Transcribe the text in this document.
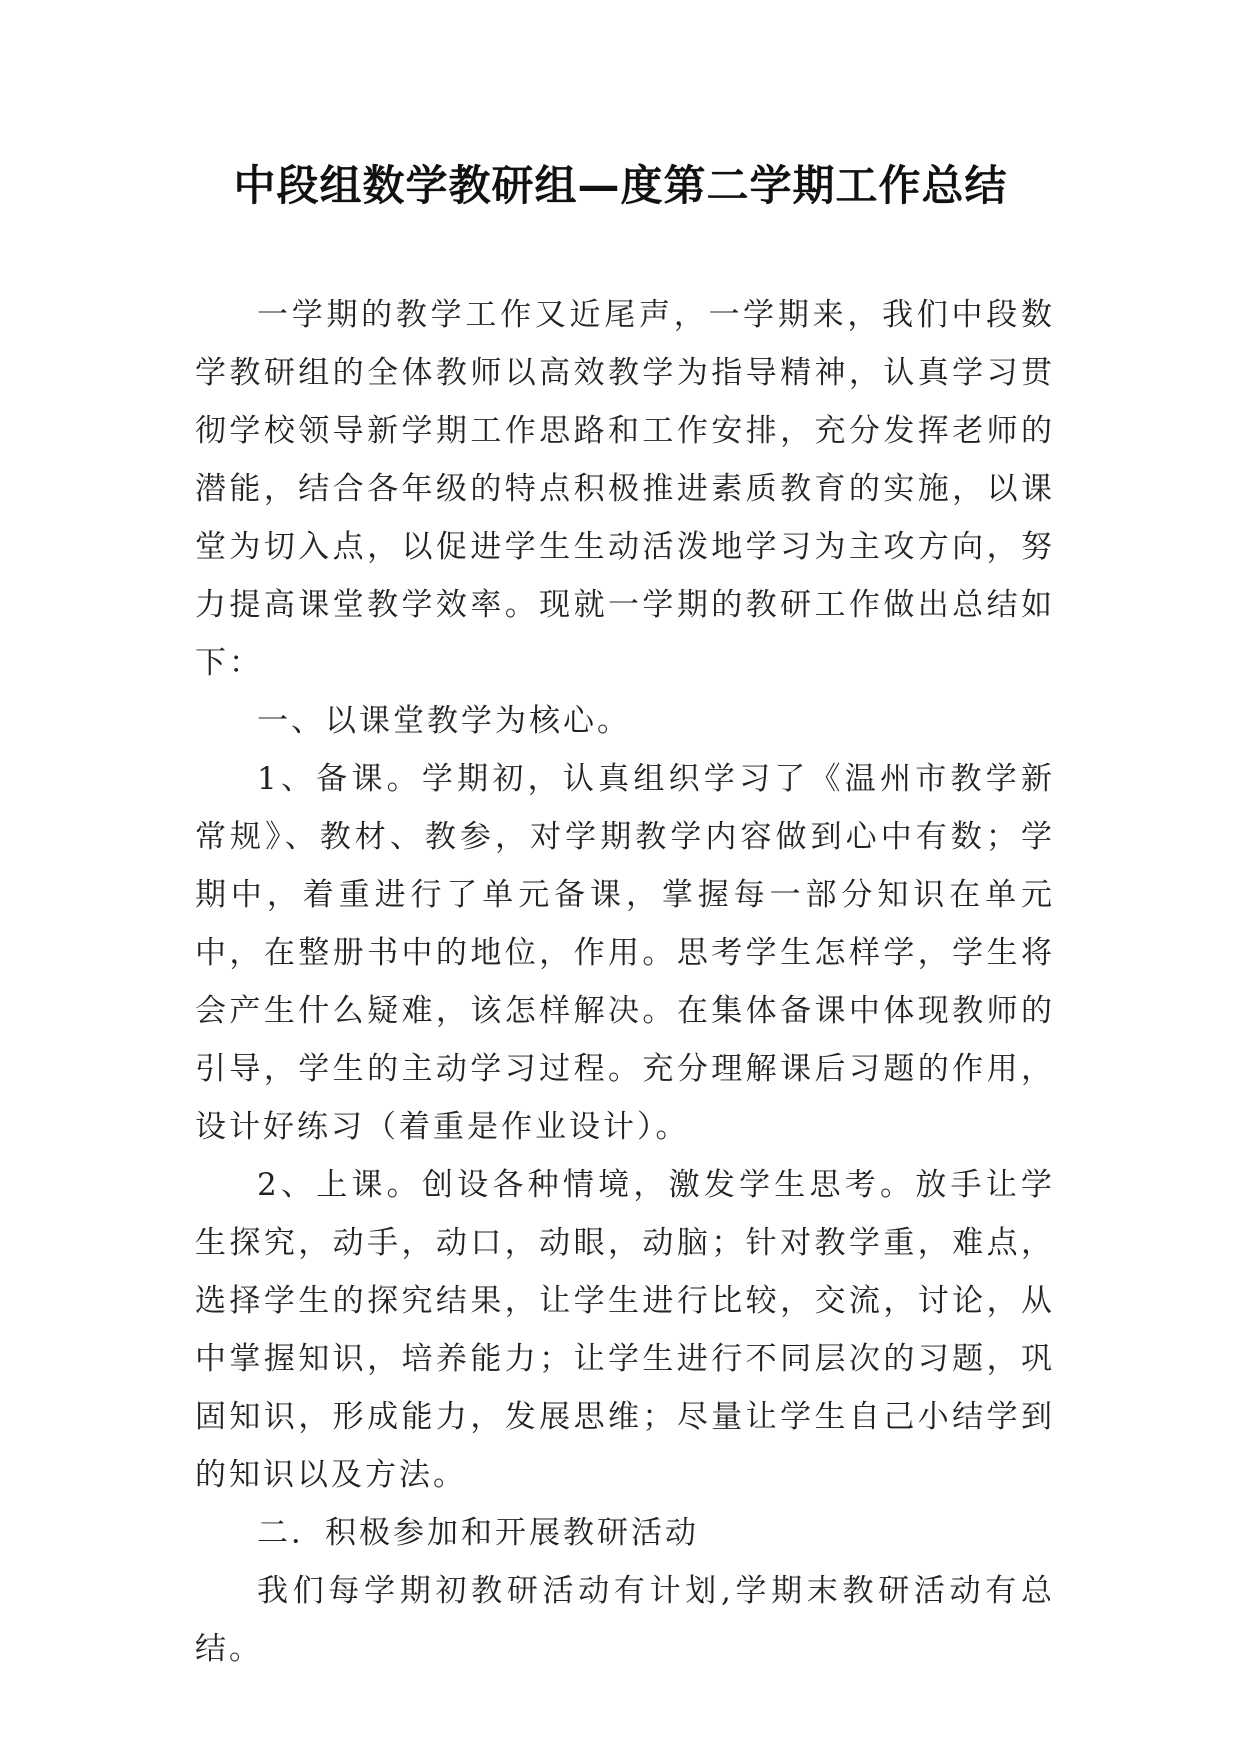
中段组数学教研组—度第二学期工作总结

一学期的教学工作又近尾声，一学期来，我们中段数学教研组的全体教师以高效教学为指导精神，认真学习贯彻学校领导新学期工作思路和工作安排，充分发挥老师的潜能，结合各年级的特点积极推进素质教育的实施，以课堂为切入点，以促进学生生动活泼地学习为主攻方向，努力提高课堂教学效率。现就一学期的教研工作做出总结如下：

一、以课堂教学为核心。

1、备课。学期初，认真组织学习了《温州市教学新常规》、教材、教参，对学期教学内容做到心中有数；学期中，着重进行了单元备课，掌握每一部分知识在单元中，在整册书中的地位，作用。思考学生怎样学，学生将会产生什么疑难，该怎样解决。在集体备课中体现教师的引导，学生的主动学习过程。充分理解课后习题的作用，设计好练习（着重是作业设计）。

2、上课。创设各种情境，激发学生思考。放手让学生探究，动手，动口，动眼，动脑；针对教学重，难点，选择学生的探究结果，让学生进行比较，交流，讨论，从中掌握知识，培养能力；让学生进行不同层次的习题，巩固知识，形成能力，发展思维；尽量让学生自己小结学到的知识以及方法。

二．积极参加和开展教研活动

我们每学期初教研活动有计划,学期末教研活动有总结。
